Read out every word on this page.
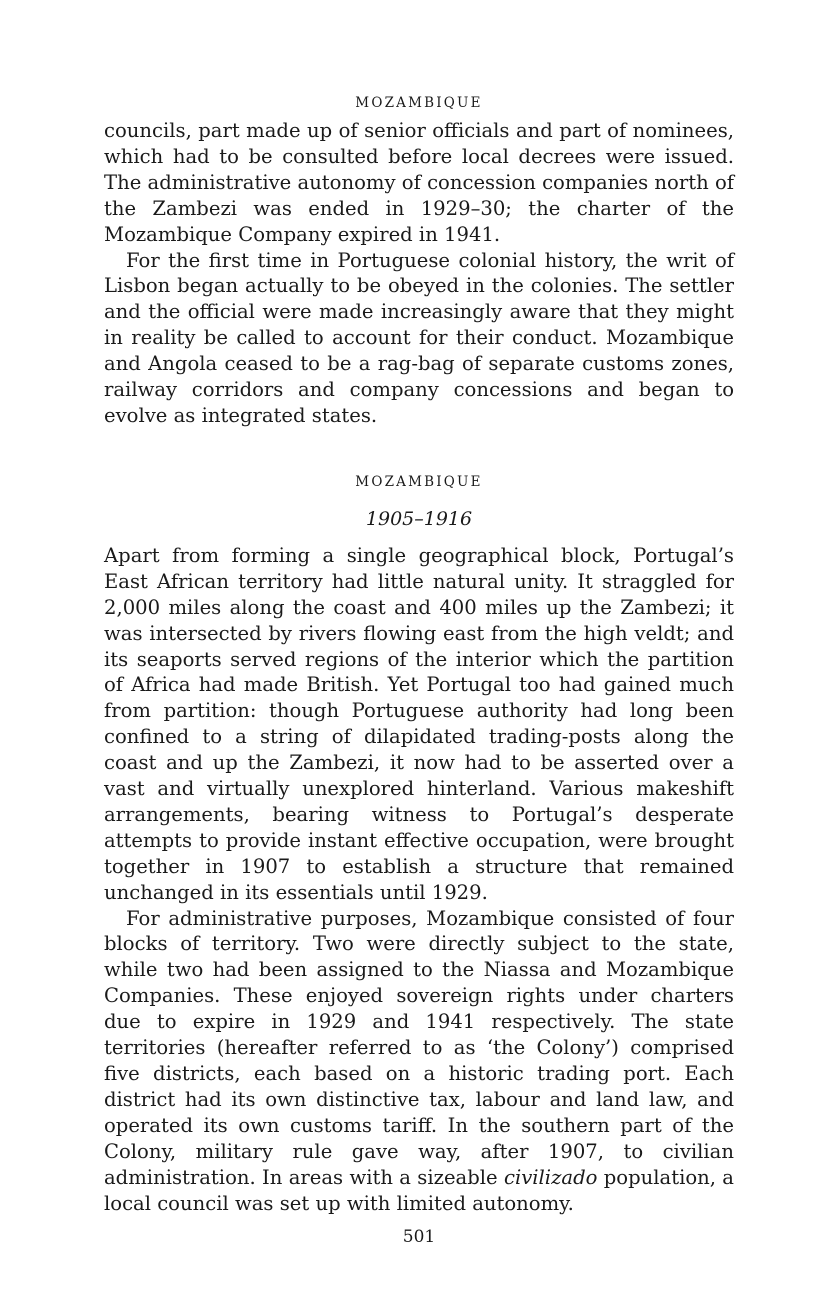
MOZAMBIQUE

councils, part made up of senior officials and part of nominees, which had to be consulted before local decrees were issued. The administrative autonomy of concession companies north of the Zambezi was ended in 1929–30; the charter of the Mozambique Company expired in 1941.

For the first time in Portuguese colonial history, the writ of Lisbon began actually to be obeyed in the colonies. The settler and the official were made increasingly aware that they might in reality be called to account for their conduct. Mozambique and Angola ceased to be a rag-bag of separate customs zones, railway corridors and company concessions and began to evolve as integrated states.

MOZAMBIQUE
1905–1916

Apart from forming a single geographical block, Portugal’s East African territory had little natural unity. It straggled for 2,000 miles along the coast and 400 miles up the Zambezi; it was intersected by rivers flowing east from the high veldt; and its seaports served regions of the interior which the partition of Africa had made British. Yet Portugal too had gained much from partition: though Portuguese authority had long been confined to a string of dilapidated trading-posts along the coast and up the Zambezi, it now had to be asserted over a vast and virtually unexplored hinterland. Various makeshift arrangements, bearing witness to Portugal’s desperate attempts to provide instant effective occupation, were brought together in 1907 to establish a structure that remained unchanged in its essentials until 1929.

For administrative purposes, Mozambique consisted of four blocks of territory. Two were directly subject to the state, while two had been assigned to the Niassa and Mozambique Companies. These enjoyed sovereign rights under charters due to expire in 1929 and 1941 respectively. The state territories (hereafter referred to as ‘the Colony’) comprised five districts, each based on a historic trading port. Each district had its own distinctive tax, labour and land law, and operated its own customs tariff. In the southern part of the Colony, military rule gave way, after 1907, to civilian administration. In areas with a sizeable civilizado population, a local council was set up with limited autonomy.

501
